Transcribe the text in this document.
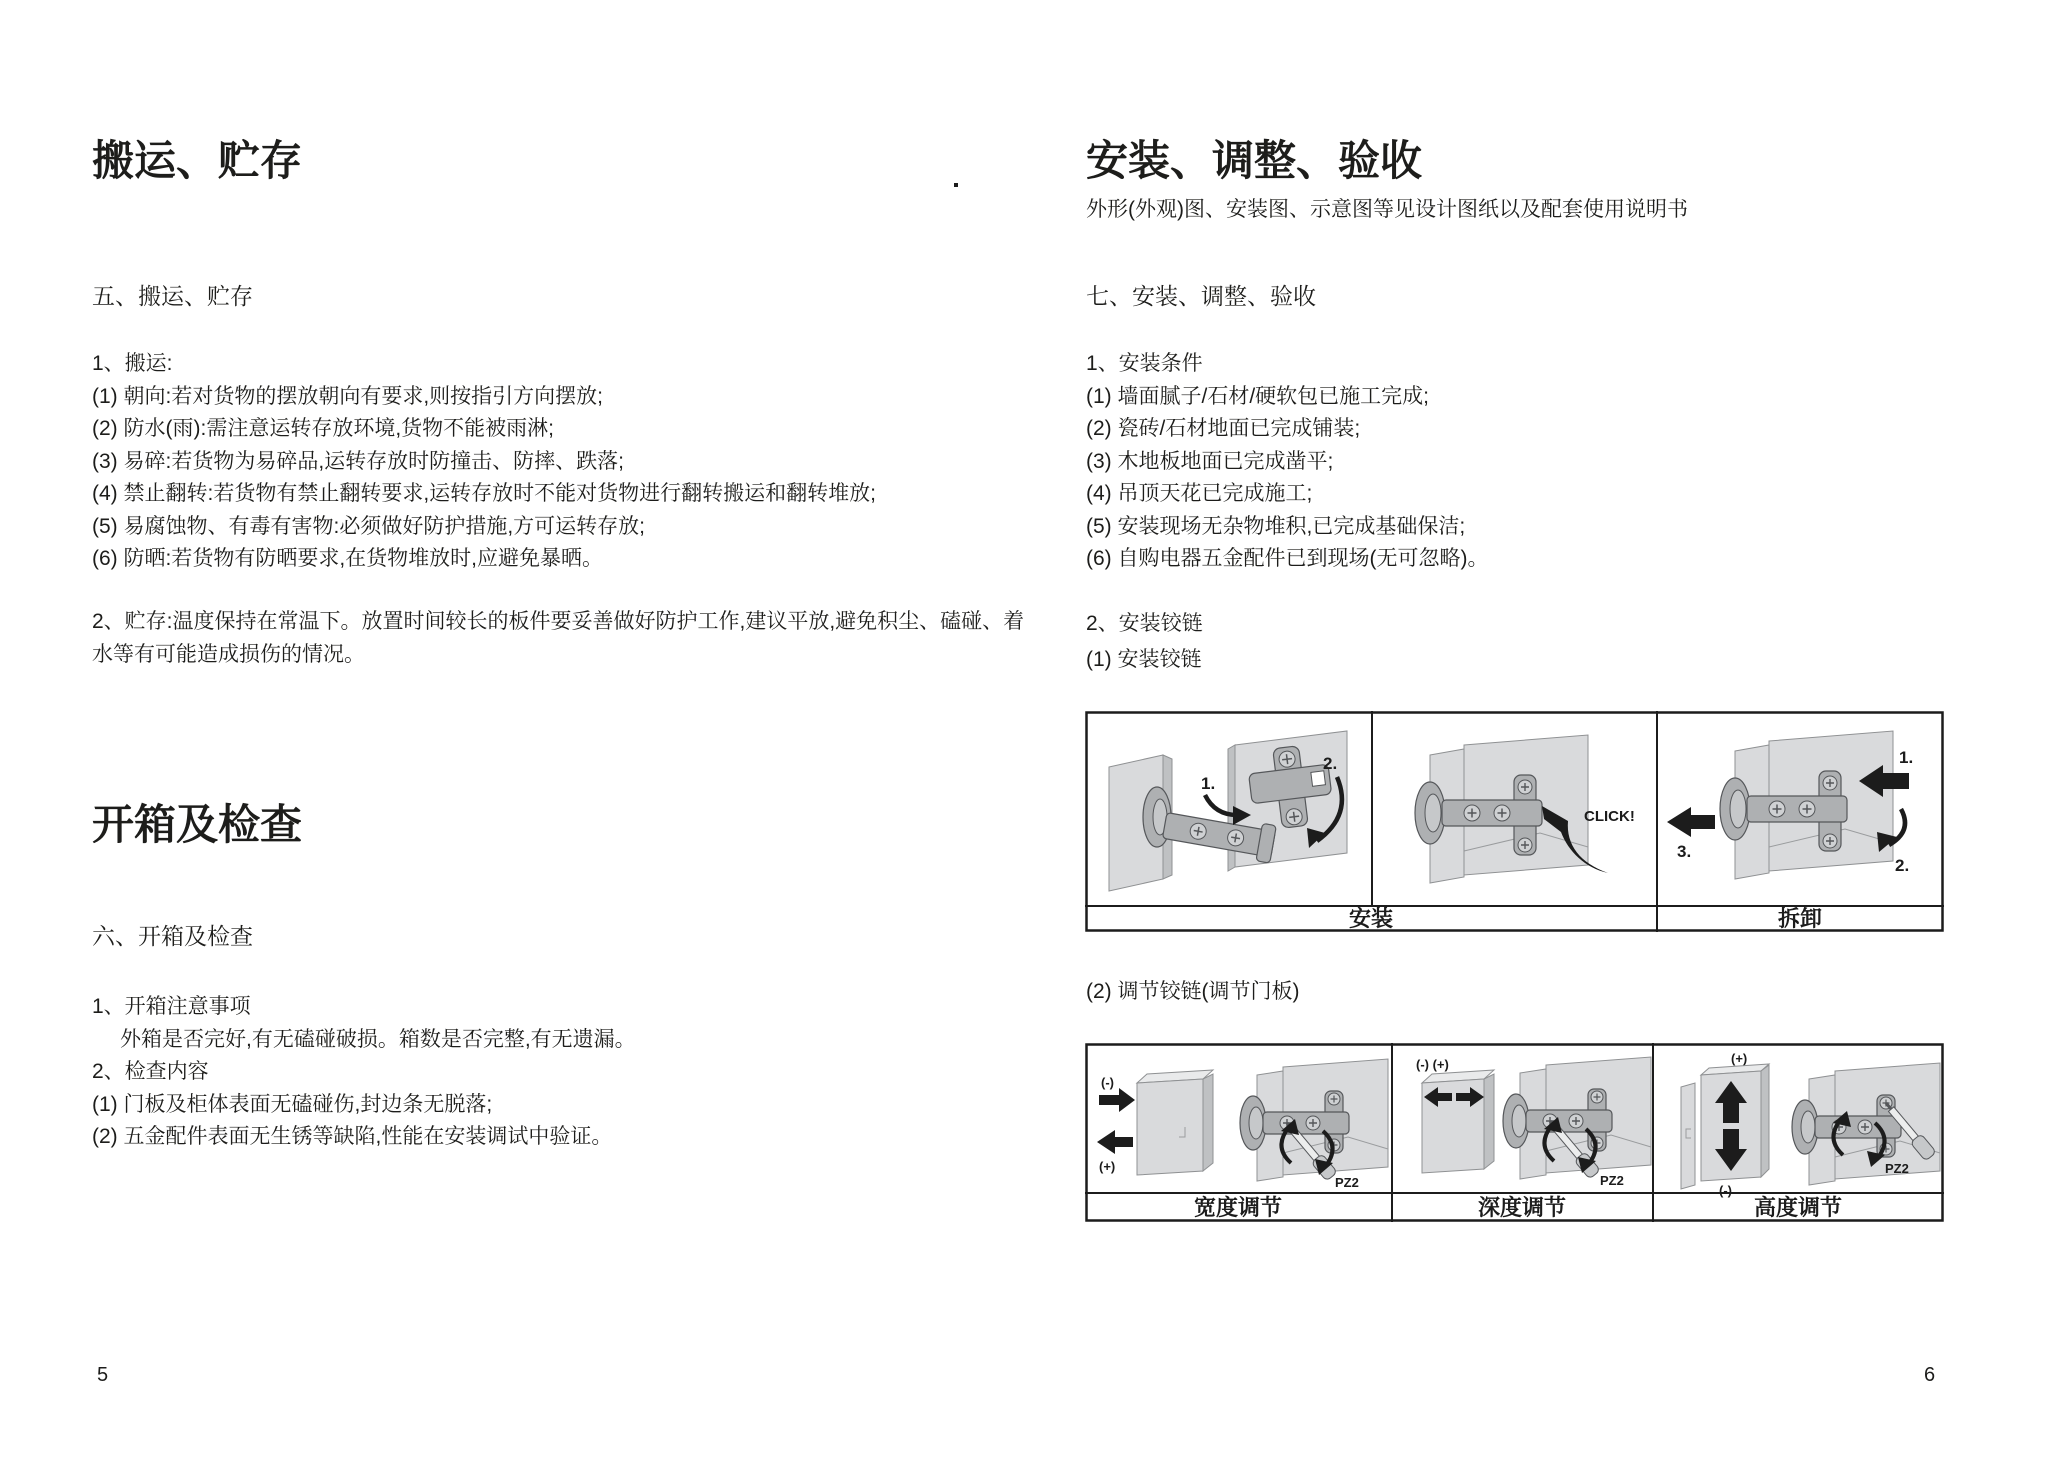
搬运、贮存
五、搬运、贮存
1、搬运:
(1) 朝向:若对货物的摆放朝向有要求,则按指引方向摆放;
(2) 防水(雨):需注意运转存放环境,货物不能被雨淋;
(3) 易碎:若货物为易碎品,运转存放时防撞击、防摔、跌落;
(4) 禁止翻转:若货物有禁止翻转要求,运转存放时不能对货物进行翻转搬运和翻转堆放;
(5) 易腐蚀物、有毒有害物:必须做好防护措施,方可运转存放;
(6) 防晒:若货物有防晒要求,在货物堆放时,应避免暴晒。
2、贮存:温度保持在常温下。放置时间较长的板件要妥善做好防护工作,建议平放,避免积尘、磕碰、着水等有可能造成损伤的情况。
开箱及检查
六、开箱及检查
1、开箱注意事项
外箱是否完好,有无磕碰破损。箱数是否完整,有无遗漏。
2、检查内容
(1) 门板及柜体表面无磕碰伤,封边条无脱落;
(2) 五金配件表面无生锈等缺陷,性能在安装调试中验证。
5
安装、调整、验收
外形(外观)图、安装图、示意图等见设计图纸以及配套使用说明书
七、安装、调整、验收
1、安装条件
(1) 墙面腻子/石材/硬软包已施工完成;
(2) 瓷砖/石材地面已完成铺装;
(3) 木地板地面已完成凿平;
(4) 吊顶天花已完成施工;
(5) 安装现场无杂物堆积,已完成基础保洁;
(6) 自购电器五金配件已到现场(无可忽略)。
2、安装铰链
(1) 安装铰链
1.
2.
CLICK!
1.
2.
3.
安装	拆卸
(2) 调节铰链(调节门板)
(-)
(+)
PZ2
(-) (+)
PZ2
(+)
(-)
PZ2
宽度调节	深度调节	高度调节
6
